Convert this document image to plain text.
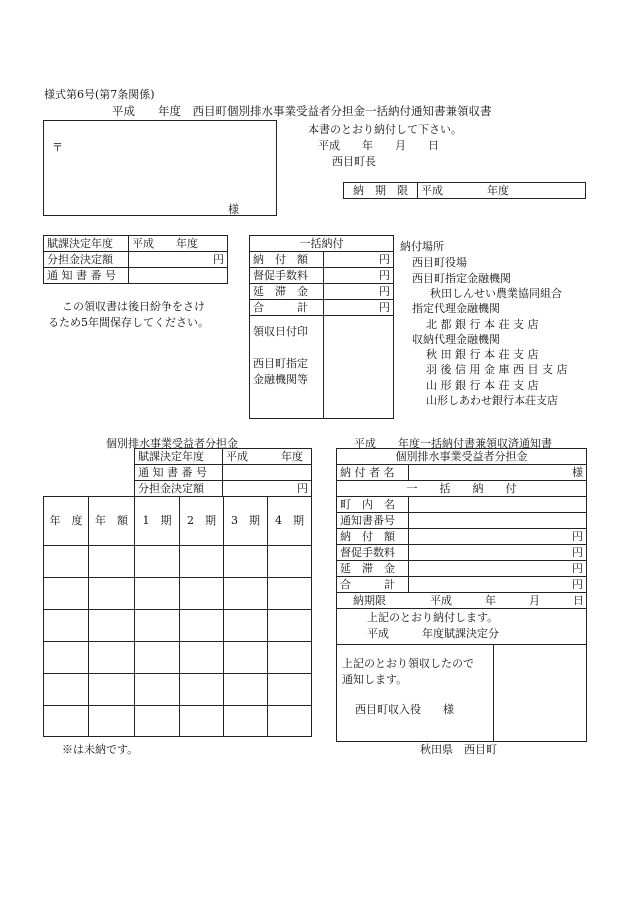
様式第6号(第7条関係)
平成　　年度　西目町個別排水事業受益者分担金一括納付通知書兼領収書
〒
様
本書のとおり納付して下さい。
平成　　年　　月　　日
西目町長
納　期　限	平成　　　　年度
賦課決定年度	平成　　年度
分担金決定額	円
通 知 書 番 号	
この領収書は後日紛争をさけ
るため5年間保存してください。
一括納付	
納　付　額	円
督促手数料	円
延　滞　金	円
合　　　計	円

領収日付印
西目町指定
金融機関等	

納付場所
西目町役場
西目町指定金融機関
秋田しんせい農業協同組合
指定代理金融機関
北 都 銀 行 本 荘 支 店
収納代理金融機関
秋 田 銀 行 本 荘 支 店
羽 後 信 用 金 庫 西 目 支 店
山 形 銀 行 本 荘 支 店
山形しあわせ銀行本荘支店
個別排水事業受益者分担金
賦課決定年度	平成　　　年度
通 知 書 番 号	
分担金決定額	円
年　度	年　額	1　期	2　期	3　期	4　期

※は未納です。
平成　　年度一括納付書兼領収済通知書
個別排水事業受益者分担金	
納 付 者 名	様
一　　括　　納　　付	
町　内　名	
通知書番号	
納　付　額	円
督促手数料	円
延　滞　金	円
合　　　計	円
納期限　　　　平成　　　年　　　月　　　日	

上記のとおり納付します。
平成　　　年度賦課決定分	

上記のとおり領収したので
通知します。
西目町収入役　　様	
秋田県　西目町
